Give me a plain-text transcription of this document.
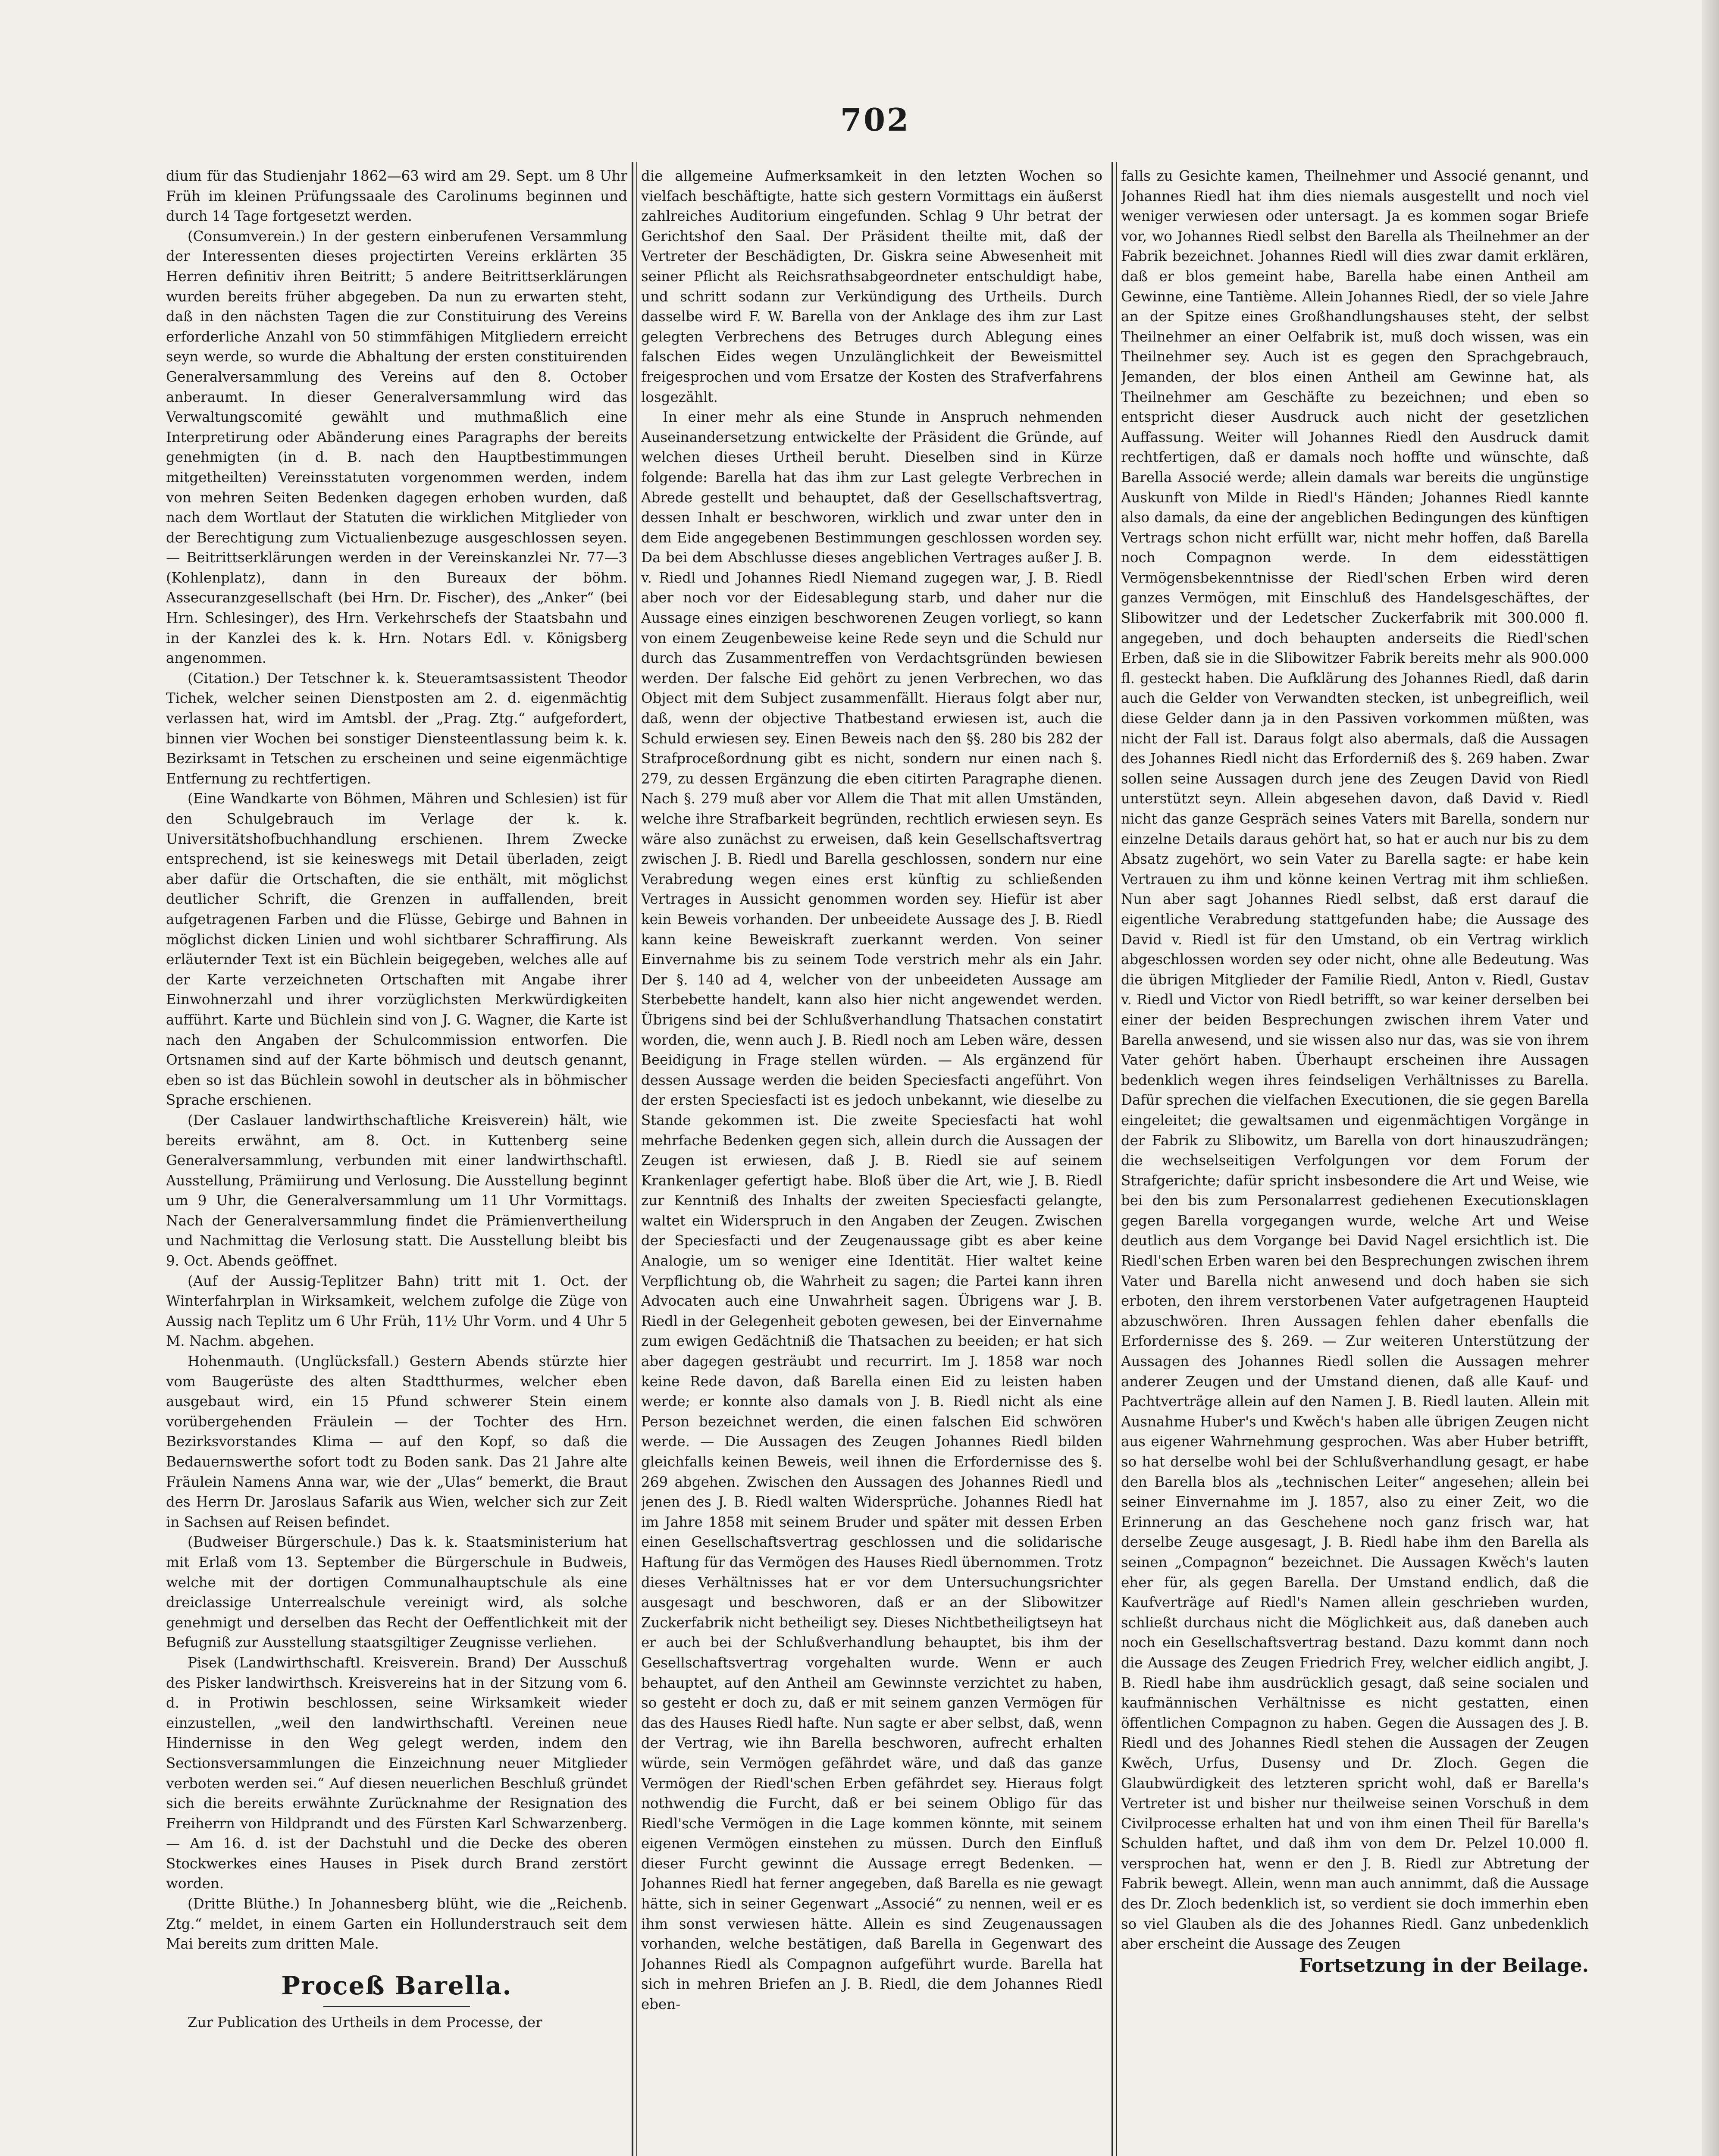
702

dium für das Studienjahr 1862—63 wird am 29. Sept. um 8 Uhr Früh im kleinen Prüfungssaale des Carolinums beginnen und durch 14 Tage fortgesetzt werden.

(Consumverein.) In der gestern einberufenen Versammlung der Interessenten dieses projectirten Vereins erklärten 35 Herren definitiv ihren Beitritt; 5 andere Beitrittserklärungen wurden bereits früher abgegeben. Da nun zu erwarten steht, daß in den nächsten Tagen die zur Constituirung des Vereins erforderliche Anzahl von 50 stimmfähigen Mitgliedern erreicht seyn werde, so wurde die Abhaltung der ersten constituirenden Generalversammlung des Vereins auf den 8. October anberaumt. In dieser Generalversammlung wird das Verwaltungscomité gewählt und muthmaßlich eine Interpretirung oder Abänderung eines Paragraphs der bereits genehmigten (in d. B. nach den Hauptbestimmungen mitgetheilten) Vereinsstatuten vorgenommen werden, indem von mehren Seiten Bedenken dagegen erhoben wurden, daß nach dem Wortlaut der Statuten die wirklichen Mitglieder von der Berechtigung zum Victualienbezuge ausgeschlossen seyen. — Beitrittserklärungen werden in der Vereinskanzlei Nr. 77—3 (Kohlenplatz), dann in den Bureaux der böhm. Assecuranzgesellschaft (bei Hrn. Dr. Fischer), des „Anker“ (bei Hrn. Schlesinger), des Hrn. Verkehrschefs der Staatsbahn und in der Kanzlei des k. k. Hrn. Notars Edl. v. Königsberg angenommen.

(Citation.) Der Tetschner k. k. Steueramtsassistent Theodor Tichek, welcher seinen Dienstposten am 2. d. eigenmächtig verlassen hat, wird im Amtsbl. der „Prag. Ztg.“ aufgefordert, binnen vier Wochen bei sonstiger Diensteentlassung beim k. k. Bezirksamt in Tetschen zu erscheinen und seine eigenmächtige Entfernung zu rechtfertigen.

(Eine Wandkarte von Böhmen, Mähren und Schlesien) ist für den Schulgebrauch im Verlage der k. k. Universitätshofbuchhandlung erschienen. Ihrem Zwecke entsprechend, ist sie keineswegs mit Detail überladen, zeigt aber dafür die Ortschaften, die sie enthält, mit möglichst deutlicher Schrift, die Grenzen in auffallenden, breit aufgetragenen Farben und die Flüsse, Gebirge und Bahnen in möglichst dicken Linien und wohl sichtbarer Schraffirung. Als erläuternder Text ist ein Büchlein beigegeben, welches alle auf der Karte verzeichneten Ortschaften mit Angabe ihrer Einwohnerzahl und ihrer vorzüglichsten Merkwürdigkeiten aufführt. Karte und Büchlein sind von J. G. Wagner, die Karte ist nach den Angaben der Schulcommission entworfen. Die Ortsnamen sind auf der Karte böhmisch und deutsch genannt, eben so ist das Büchlein sowohl in deutscher als in böhmischer Sprache erschienen.

(Der Caslauer landwirthschaftliche Kreisverein) hält, wie bereits erwähnt, am 8. Oct. in Kuttenberg seine Generalversammlung, verbunden mit einer landwirthschaftl. Ausstellung, Prämiirung und Verlosung. Die Ausstellung beginnt um 9 Uhr, die Generalversammlung um 11 Uhr Vormittags. Nach der Generalversammlung findet die Prämienvertheilung und Nachmittag die Verlosung statt. Die Ausstellung bleibt bis 9. Oct. Abends geöffnet.

(Auf der Aussig-Teplitzer Bahn) tritt mit 1. Oct. der Winterfahrplan in Wirksamkeit, welchem zufolge die Züge von Aussig nach Teplitz um 6 Uhr Früh, 11½ Uhr Vorm. und 4 Uhr 5 M. Nachm. abgehen.

Hohenmauth. (Unglücksfall.) Gestern Abends stürzte hier vom Baugerüste des alten Stadtthurmes, welcher eben ausgebaut wird, ein 15 Pfund schwerer Stein einem vorübergehenden Fräulein — der Tochter des Hrn. Bezirksvorstandes Klima — auf den Kopf, so daß die Bedauernswerthe sofort todt zu Boden sank. Das 21 Jahre alte Fräulein Namens Anna war, wie der „Ulas“ bemerkt, die Braut des Herrn Dr. Jaroslaus Safarik aus Wien, welcher sich zur Zeit in Sachsen auf Reisen befindet.

(Budweiser Bürgerschule.) Das k. k. Staatsministerium hat mit Erlaß vom 13. September die Bürgerschule in Budweis, welche mit der dortigen Communalhauptschule als eine dreiclassige Unterrealschule vereinigt wird, als solche genehmigt und derselben das Recht der Oeffentlichkeit mit der Befugniß zur Ausstellung staatsgiltiger Zeugnisse verliehen.

Pisek (Landwirthschaftl. Kreisverein. Brand) Der Ausschuß des Pisker landwirthsch. Kreisvereins hat in der Sitzung vom 6. d. in Protiwin beschlossen, seine Wirksamkeit wieder einzustellen, „weil den landwirthschaftl. Vereinen neue Hindernisse in den Weg gelegt werden, indem den Sectionsversammlungen die Einzeichnung neuer Mitglieder verboten werden sei.“ Auf diesen neuerlichen Beschluß gründet sich die bereits erwähnte Zurücknahme der Resignation des Freiherrn von Hildprandt und des Fürsten Karl Schwarzenberg. — Am 16. d. ist der Dachstuhl und die Decke des oberen Stockwerkes eines Hauses in Pisek durch Brand zerstört worden.

(Dritte Blüthe.) In Johannesberg blüht, wie die „Reichenb. Ztg.“ meldet, in einem Garten ein Hollunderstrauch seit dem Mai bereits zum dritten Male.

Proceß Barella.

Zur Publication des Urtheils in dem Processe, der

die allgemeine Aufmerksamkeit in den letzten Wochen so vielfach beschäftigte, hatte sich gestern Vormittags ein äußerst zahlreiches Auditorium eingefunden. Schlag 9 Uhr betrat der Gerichtshof den Saal. Der Präsident theilte mit, daß der Vertreter der Beschädigten, Dr. Giskra seine Abwesenheit mit seiner Pflicht als Reichsrathsabgeordneter entschuldigt habe, und schritt sodann zur Verkündigung des Urtheils. Durch dasselbe wird F. W. Barella von der Anklage des ihm zur Last gelegten Verbrechens des Betruges durch Ablegung eines falschen Eides wegen Unzulänglichkeit der Beweismittel freigesprochen und vom Ersatze der Kosten des Strafverfahrens losgezählt.

In einer mehr als eine Stunde in Anspruch nehmenden Auseinandersetzung entwickelte der Präsident die Gründe, auf welchen dieses Urtheil beruht. Dieselben sind in Kürze folgende: Barella hat das ihm zur Last gelegte Verbrechen in Abrede gestellt und behauptet, daß der Gesellschaftsvertrag, dessen Inhalt er beschworen, wirklich und zwar unter den in dem Eide angegebenen Bestimmungen geschlossen worden sey. Da bei dem Abschlusse dieses angeblichen Vertrages außer J. B. v. Riedl und Johannes Riedl Niemand zugegen war, J. B. Riedl aber noch vor der Eidesablegung starb, und daher nur die Aussage eines einzigen beschworenen Zeugen vorliegt, so kann von einem Zeugenbeweise keine Rede seyn und die Schuld nur durch das Zusammentreffen von Verdachtsgründen bewiesen werden. Der falsche Eid gehört zu jenen Verbrechen, wo das Object mit dem Subject zusammenfällt. Hieraus folgt aber nur, daß, wenn der objective Thatbestand erwiesen ist, auch die Schuld erwiesen sey. Einen Beweis nach den §§. 280 bis 282 der Strafproceßordnung gibt es nicht, sondern nur einen nach §. 279, zu dessen Ergänzung die eben citirten Paragraphe dienen. Nach §. 279 muß aber vor Allem die That mit allen Umständen, welche ihre Strafbarkeit begründen, rechtlich erwiesen seyn. Es wäre also zunächst zu erweisen, daß kein Gesellschaftsvertrag zwischen J. B. Riedl und Barella geschlossen, sondern nur eine Verabredung wegen eines erst künftig zu schließenden Vertrages in Aussicht genommen worden sey. Hiefür ist aber kein Beweis vorhanden. Der unbeeidete Aussage des J. B. Riedl kann keine Beweiskraft zuerkannt werden. Von seiner Einvernahme bis zu seinem Tode verstrich mehr als ein Jahr. Der §. 140 ad 4, welcher von der unbeeideten Aussage am Sterbebette handelt, kann also hier nicht angewendet werden. Übrigens sind bei der Schlußverhandlung Thatsachen constatirt worden, die, wenn auch J. B. Riedl noch am Leben wäre, dessen Beeidigung in Frage stellen würden. — Als ergänzend für dessen Aussage werden die beiden Speciesfacti angeführt. Von der ersten Speciesfacti ist es jedoch unbekannt, wie dieselbe zu Stande gekommen ist. Die zweite Speciesfacti hat wohl mehrfache Bedenken gegen sich, allein durch die Aussagen der Zeugen ist erwiesen, daß J. B. Riedl sie auf seinem Krankenlager gefertigt habe. Bloß über die Art, wie J. B. Riedl zur Kenntniß des Inhalts der zweiten Speciesfacti gelangte, waltet ein Widerspruch in den Angaben der Zeugen. Zwischen der Speciesfacti und der Zeugenaussage gibt es aber keine Analogie, um so weniger eine Identität. Hier waltet keine Verpflichtung ob, die Wahrheit zu sagen; die Partei kann ihren Advocaten auch eine Unwahrheit sagen. Übrigens war J. B. Riedl in der Gelegenheit geboten gewesen, bei der Einvernahme zum ewigen Gedächtniß die Thatsachen zu beeiden; er hat sich aber dagegen gesträubt und recurrirt. Im J. 1858 war noch keine Rede davon, daß Barella einen Eid zu leisten haben werde; er konnte also damals von J. B. Riedl nicht als eine Person bezeichnet werden, die einen falschen Eid schwören werde. — Die Aussagen des Zeugen Johannes Riedl bilden gleichfalls keinen Beweis, weil ihnen die Erfordernisse des §. 269 abgehen. Zwischen den Aussagen des Johannes Riedl und jenen des J. B. Riedl walten Widersprüche. Johannes Riedl hat im Jahre 1858 mit seinem Bruder und später mit dessen Erben einen Gesellschaftsvertrag geschlossen und die solidarische Haftung für das Vermögen des Hauses Riedl übernommen. Trotz dieses Verhältnisses hat er vor dem Untersuchungsrichter ausgesagt und beschworen, daß er an der Slibowitzer Zuckerfabrik nicht betheiligt sey. Dieses Nichtbetheiligtseyn hat er auch bei der Schlußverhandlung behauptet, bis ihm der Gesellschaftsvertrag vorgehalten wurde. Wenn er auch behauptet, auf den Antheil am Gewinnste verzichtet zu haben, so gesteht er doch zu, daß er mit seinem ganzen Vermögen für das des Hauses Riedl hafte. Nun sagte er aber selbst, daß, wenn der Vertrag, wie ihn Barella beschworen, aufrecht erhalten würde, sein Vermögen gefährdet wäre, und daß das ganze Vermögen der Riedl'schen Erben gefährdet sey. Hieraus folgt nothwendig die Furcht, daß er bei seinem Obligo für das Riedl'sche Vermögen in die Lage kommen könnte, mit seinem eigenen Vermögen einstehen zu müssen. Durch den Einfluß dieser Furcht gewinnt die Aussage erregt Bedenken. — Johannes Riedl hat ferner angegeben, daß Barella es nie gewagt hätte, sich in seiner Gegenwart „Associé“ zu nennen, weil er es ihm sonst verwiesen hätte. Allein es sind Zeugenaussagen vorhanden, welche bestätigen, daß Barella in Gegenwart des Johannes Riedl als Compagnon aufgeführt wurde. Barella hat sich in mehren Briefen an J. B. Riedl, die dem Johannes Riedl eben-

falls zu Gesichte kamen, Theilnehmer und Associé genannt, und Johannes Riedl hat ihm dies niemals ausgestellt und noch viel weniger verwiesen oder untersagt. Ja es kommen sogar Briefe vor, wo Johannes Riedl selbst den Barella als Theilnehmer an der Fabrik bezeichnet. Johannes Riedl will dies zwar damit erklären, daß er blos gemeint habe, Barella habe einen Antheil am Gewinne, eine Tantième. Allein Johannes Riedl, der so viele Jahre an der Spitze eines Großhandlungshauses steht, der selbst Theilnehmer an einer Oelfabrik ist, muß doch wissen, was ein Theilnehmer sey. Auch ist es gegen den Sprachgebrauch, Jemanden, der blos einen Antheil am Gewinne hat, als Theilnehmer am Geschäfte zu bezeichnen; und eben so entspricht dieser Ausdruck auch nicht der gesetzlichen Auffassung. Weiter will Johannes Riedl den Ausdruck damit rechtfertigen, daß er damals noch hoffte und wünschte, daß Barella Associé werde; allein damals war bereits die ungünstige Auskunft von Milde in Riedl's Händen; Johannes Riedl kannte also damals, da eine der angeblichen Bedingungen des künftigen Vertrags schon nicht erfüllt war, nicht mehr hoffen, daß Barella noch Compagnon werde. In dem eidesstättigen Vermögensbekenntnisse der Riedl'schen Erben wird deren ganzes Vermögen, mit Einschluß des Handelsgeschäftes, der Slibowitzer und der Ledetscher Zuckerfabrik mit 300.000 fl. angegeben, und doch behaupten anderseits die Riedl'schen Erben, daß sie in die Slibowitzer Fabrik bereits mehr als 900.000 fl. gesteckt haben. Die Aufklärung des Johannes Riedl, daß darin auch die Gelder von Verwandten stecken, ist unbegreiflich, weil diese Gelder dann ja in den Passiven vorkommen müßten, was nicht der Fall ist. Daraus folgt also abermals, daß die Aussagen des Johannes Riedl nicht das Erforderniß des §. 269 haben. Zwar sollen seine Aussagen durch jene des Zeugen David von Riedl unterstützt seyn. Allein abgesehen davon, daß David v. Riedl nicht das ganze Gespräch seines Vaters mit Barella, sondern nur einzelne Details daraus gehört hat, so hat er auch nur bis zu dem Absatz zugehört, wo sein Vater zu Barella sagte: er habe kein Vertrauen zu ihm und könne keinen Vertrag mit ihm schließen. Nun aber sagt Johannes Riedl selbst, daß erst darauf die eigentliche Verabredung stattgefunden habe; die Aussage des David v. Riedl ist für den Umstand, ob ein Vertrag wirklich abgeschlossen worden sey oder nicht, ohne alle Bedeutung. Was die übrigen Mitglieder der Familie Riedl, Anton v. Riedl, Gustav v. Riedl und Victor von Riedl betrifft, so war keiner derselben bei einer der beiden Besprechungen zwischen ihrem Vater und Barella anwesend, und sie wissen also nur das, was sie von ihrem Vater gehört haben. Überhaupt erscheinen ihre Aussagen bedenklich wegen ihres feindseligen Verhältnisses zu Barella. Dafür sprechen die vielfachen Executionen, die sie gegen Barella eingeleitet; die gewaltsamen und eigenmächtigen Vorgänge in der Fabrik zu Slibowitz, um Barella von dort hinauszudrängen; die wechselseitigen Verfolgungen vor dem Forum der Strafgerichte; dafür spricht insbesondere die Art und Weise, wie bei den bis zum Personalarrest gediehenen Executionsklagen gegen Barella vorgegangen wurde, welche Art und Weise deutlich aus dem Vorgange bei David Nagel ersichtlich ist. Die Riedl'schen Erben waren bei den Besprechungen zwischen ihrem Vater und Barella nicht anwesend und doch haben sie sich erboten, den ihrem verstorbenen Vater aufgetragenen Haupteid abzuschwören. Ihren Aussagen fehlen daher ebenfalls die Erfordernisse des §. 269. — Zur weiteren Unterstützung der Aussagen des Johannes Riedl sollen die Aussagen mehrer anderer Zeugen und der Umstand dienen, daß alle Kauf- und Pachtverträge allein auf den Namen J. B. Riedl lauten. Allein mit Ausnahme Huber's und Kwěch's haben alle übrigen Zeugen nicht aus eigener Wahrnehmung gesprochen. Was aber Huber betrifft, so hat derselbe wohl bei der Schlußverhandlung gesagt, er habe den Barella blos als „technischen Leiter“ angesehen; allein bei seiner Einvernahme im J. 1857, also zu einer Zeit, wo die Erinnerung an das Geschehene noch ganz frisch war, hat derselbe Zeuge ausgesagt, J. B. Riedl habe ihm den Barella als seinen „Compagnon“ bezeichnet. Die Aussagen Kwěch's lauten eher für, als gegen Barella. Der Umstand endlich, daß die Kaufverträge auf Riedl's Namen allein geschrieben wurden, schließt durchaus nicht die Möglichkeit aus, daß daneben auch noch ein Gesellschaftsvertrag bestand. Dazu kommt dann noch die Aussage des Zeugen Friedrich Frey, welcher eidlich angibt, J. B. Riedl habe ihm ausdrücklich gesagt, daß seine socialen und kaufmännischen Verhältnisse es nicht gestatten, einen öffentlichen Compagnon zu haben. Gegen die Aussagen des J. B. Riedl und des Johannes Riedl stehen die Aussagen der Zeugen Kwěch, Urfus, Dusensy und Dr. Zloch. Gegen die Glaubwürdigkeit des letzteren spricht wohl, daß er Barella's Vertreter ist und bisher nur theilweise seinen Vorschuß in dem Civilprocesse erhalten hat und von ihm einen Theil für Barella's Schulden haftet, und daß ihm von dem Dr. Pelzel 10.000 fl. versprochen hat, wenn er den J. B. Riedl zur Abtretung der Fabrik bewegt. Allein, wenn man auch annimmt, daß die Aussage des Dr. Zloch bedenklich ist, so verdient sie doch immerhin eben so viel Glauben als die des Johannes Riedl. Ganz unbedenklich aber erscheint die Aussage des Zeugen

Fortsetzung in der Beilage.
